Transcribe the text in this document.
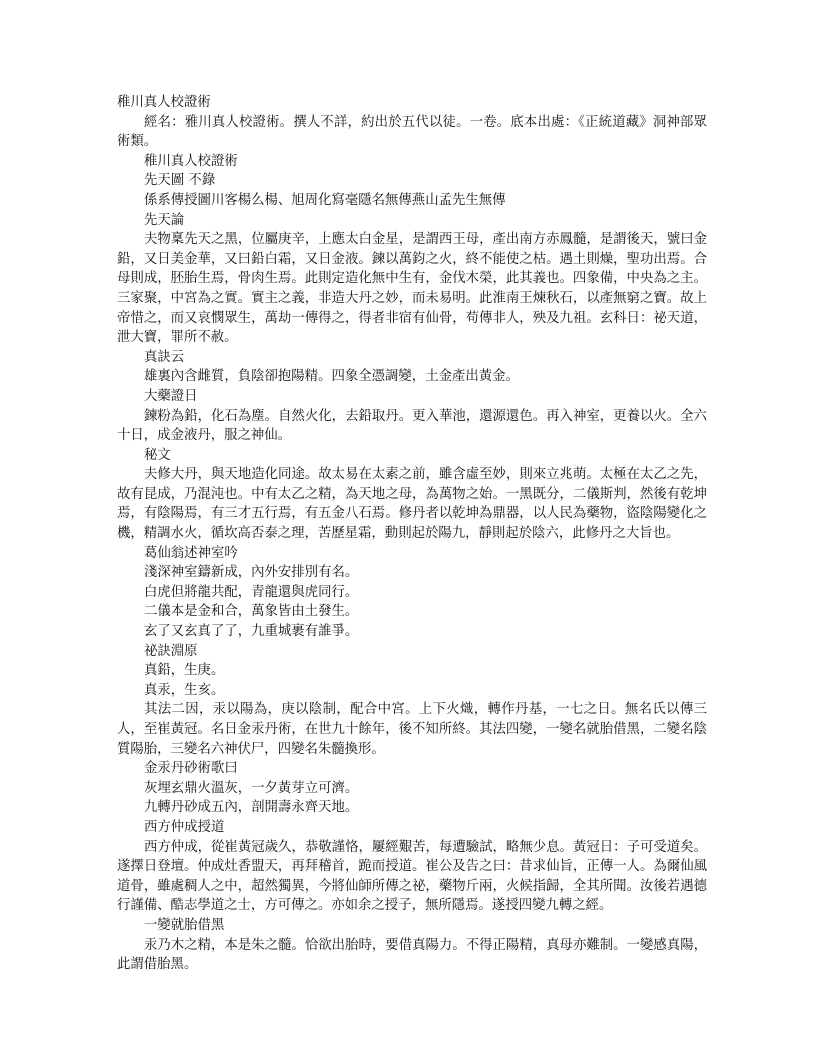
稚川真人校證術

經名：雅川真人校證術。撰人不詳，約出於五代以徒。一卷。底本出處：《正統道藏》洞神部眾術類。

稚川真人校證術

先天圖 不錄

係系傳授圖川客楊么楊、旭周化寫毫隱名無傳燕山孟先生無傳

先天論

夫物稟先天之黑，位屬庚辛，上應太白金星，是謂西王母，產出南方赤鳳髓，是謂後天，號曰金鉛，又日美金華，又曰鉛白霜，又日金液。鍊以萬鈞之火，終不能使之枯。遇土則燥，聖功出焉。合母則成，胚胎生焉，骨肉生焉。此則定造化無中生有，金伐木榮，此其義也。四象備，中央為之主。三家聚，中宮為之實。實主之義，非造大丹之妙，而未易明。此淮南王煉秋石，以產無窮之寶。故上帝惜之，而又哀憫眾生，萬劫一傳得之，得者非宿有仙骨，苟傳非人，殃及九祖。玄科日：祕天道，泄大寶，罪所不赦。

真訣云

雄裏內含雌質，負陰卻抱陽精。四象全憑調變，土金產出黃金。

大藥證日

鍊粉為鉛，化石為塵。自然火化，去鉛取丹。更入華池，還源還色。再入神室，更養以火。全六十日，成金液丹，服之神仙。

秘文

夫修大丹，與天地造化同途。故太易在太素之前，雖含虛至妙，則來立兆萌。太極在太乙之先，故有昆成，乃混沌也。中有太乙之精，為天地之母，為萬物之始。一黑既分，二儀斯判，然後有乾坤焉，有陰陽焉，有三才五行焉，有五金八石焉。修丹者以乾坤為鼎器，以人民為藥物，盜陰陽變化之機，精調水火，循坎高否泰之理，苦歷星霜，動則起於陽九，靜則起於陰六，此修丹之大旨也。

葛仙翁述神室吟

淺深神室鑄新成，內外安排別有名。

白虎但將龍共配，青龍還與虎同行。

二儀本是金和合，萬象皆由土發生。

玄了又玄真了了，九重城裹有誰爭。

祕訣淵原

真鉛，生庚。

真汞，生亥。

其法二因，汞以陽為，庚以陰制，配合中宮。上下火熾，轉作丹基，一七之日。無名氏以傳三人，至崔黃冠。名日金汞丹術，在世九十餘年，後不知所終。其法四變，一變名就胎借黑，二變名陰質陽胎，三變名六神伏尸，四變名朱髓換形。

金汞丹砂術歌曰

灰埋玄鼎火溫灰，一夕黃芽立可濟。

九轉丹砂成五內，剖開壽永齊天地。

西方仲成授道

西方仲成，從崔黃冠歲久，恭敬謹恪，屢經艱苦，每遭驗試，略無少息。黃冠日：子可受道矣。遂擇日登壇。仲成灶香盟天，再拜稽首，跪而授道。崔公及告之曰：昔求仙旨，正傳一人。為爾仙風道骨，雖處稠人之中，超然獨異，今將仙師所傳之祕，藥物斤兩，火候指歸，全其所聞。汝後若遇德行謹備、酷志學道之士，方可傳之。亦如余之授子，無所隱焉。遂授四變九轉之經。

一變就胎借黑

汞乃木之精，本是朱之髓。恰欲出胎時，要借真陽力。不得正陽精，真母亦難制。一變感真陽，此謂借胎黑。
